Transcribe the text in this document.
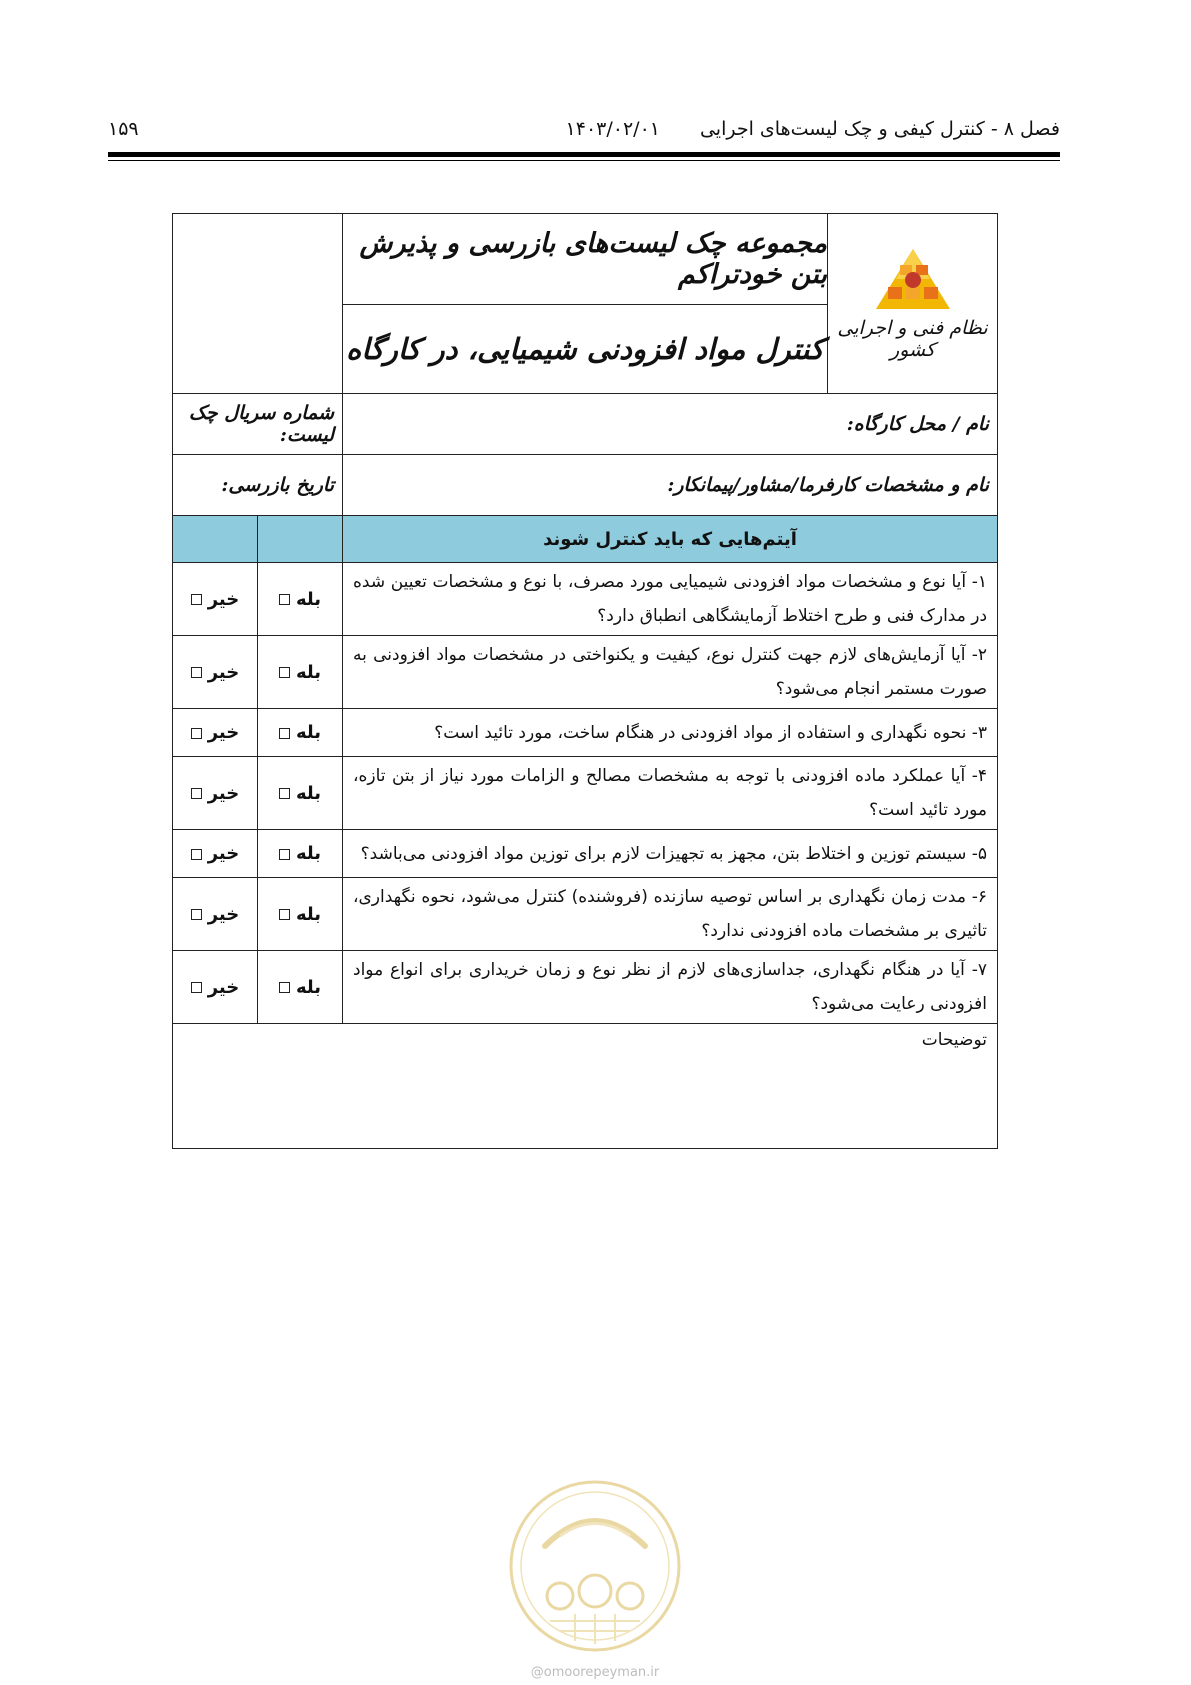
فصل ۸ - کنترل کیفی و چک لیست‌های اجرایی
۱۴۰۳/۰۲/۰۱
۱۵۹
نظام فنی و اجرایی کشور	مجموعه چک لیست‌های بازرسی و پذیرش بتن خودتراکم
کنترل مواد افزودنی شیمیایی، در کارگاه		

نام / محل کارگاه:		شماره سریال چک لیست:	
نام و مشخصات کارفرما/مشاور/پیمانکار:		تاریخ بازرسی:	
آیتم‌هایی که باید کنترل شوند			
۱- آیا نوع و مشخصات مواد افزودنی شیمیایی مورد مصرف، با نوع و مشخصات تعیین شده در مدارک فنی و طرح اختلاط آزمایشگاهی انطباق دارد؟		بله	خیر
۲- آیا آزمایش‌های لازم جهت کنترل نوع، کیفیت و یکنواختی در مشخصات مواد افزودنی به صورت مستمر انجام می‌شود؟		بله	خیر
۳- نحوه نگهداری و استفاده از مواد افزودنی در هنگام ساخت، مورد تائید است؟		بله	خیر
۴- آیا عملکرد ماده افزودنی با توجه به مشخصات مصالح و الزامات مورد نیاز از بتن تازه، مورد تائید است؟		بله	خیر
۵- سیستم توزین و اختلاط بتن، مجهز به تجهیزات لازم برای توزین مواد افزودنی می‌باشد؟		بله	خیر
۶- مدت زمان نگهداری بر اساس توصیه سازنده (فروشنده) کنترل می‌شود، نحوه نگهداری، تاثیری بر مشخصات ماده افزودنی ندارد؟		بله	خیر
۷- آیا در هنگام نگهداری، جداسازی‌های لازم از نظر نوع و زمان خریداری برای انواع مواد افزودنی رعایت می‌شود؟		بله	خیر
توضیحات			
@omoorepeyman.ir
